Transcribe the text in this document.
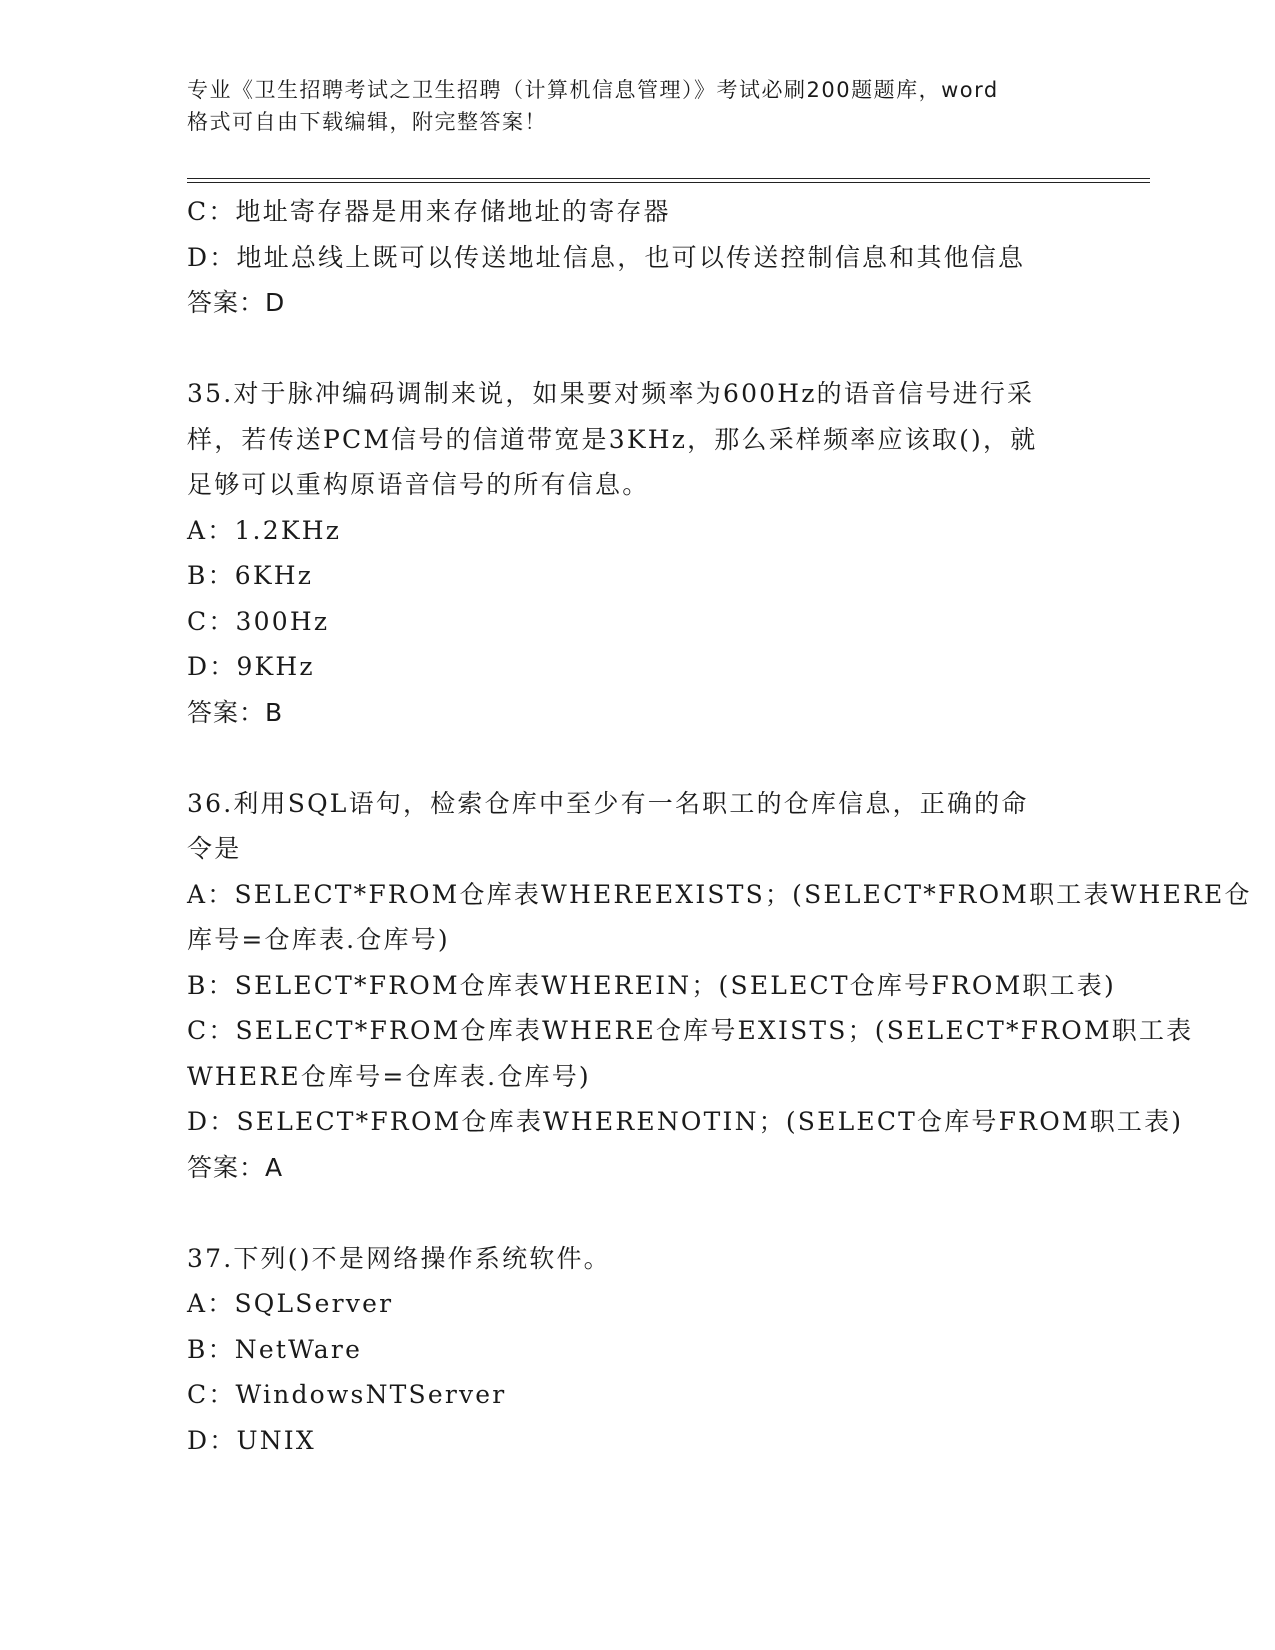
专业《卫生招聘考试之卫生招聘（计算机信息管理）》考试必刷200题题库，word
格式可自由下载编辑，附完整答案！
C：地址寄存器是用来存储地址的寄存器
D：地址总线上既可以传送地址信息，也可以传送控制信息和其他信息
答案：D
35.对于脉冲编码调制来说，如果要对频率为600Hz的语音信号进行采
样，若传送PCM信号的信道带宽是3KHz，那么采样频率应该取()，就
足够可以重构原语音信号的所有信息。
A：1.2KHz
B：6KHz
C：300Hz
D：9KHz
答案：B
36.利用SQL语句，检索仓库中至少有一名职工的仓库信息，正确的命
令是
A：SELECT*FROM仓库表WHEREEXISTS；(SELECT*FROM职工表WHERE仓
库号=仓库表.仓库号)
B：SELECT*FROM仓库表WHEREIN；(SELECT仓库号FROM职工表)
C：SELECT*FROM仓库表WHERE仓库号EXISTS；(SELECT*FROM职工表
WHERE仓库号=仓库表.仓库号)
D：SELECT*FROM仓库表WHERENOTIN；(SELECT仓库号FROM职工表)
答案：A
37.下列()不是网络操作系统软件。
A：SQLServer
B：NetWare
C：WindowsNTServer
D：UNIX
